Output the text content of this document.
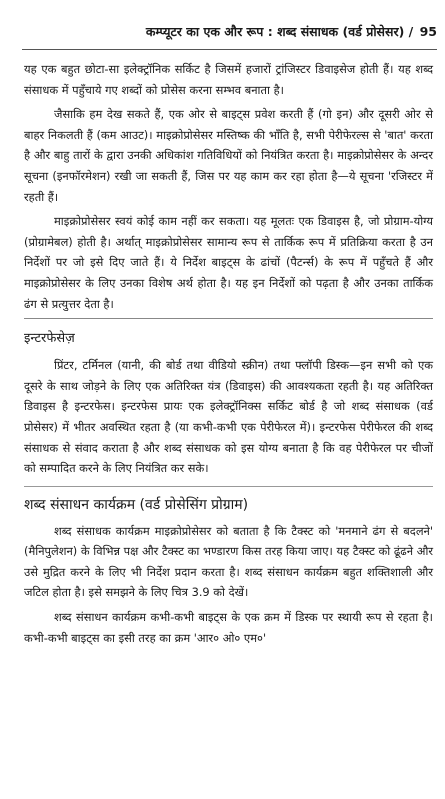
कम्प्यूटर का एक और रूप : शब्द संसाधक (वर्ड प्रोसेसर) / 95

यह एक बहुत छोटा-सा इलेक्ट्रॉनिक सर्किट है जिसमें हजारों ट्रांजिस्टर डिवाइसेज होती हैं। यह शब्द संसाधक में पहुँचाये गए शब्दों को प्रोसेस करना सम्भव बनाता है।

जैसाकि हम देख सकते हैं, एक ओर से बाइट्स प्रवेश करती हैं (गो इन) और दूसरी ओर से बाहर निकलती हैं (कम आउट)। माइक्रोप्रोसेसर मस्तिष्क की भाँति है, सभी पेरीफेरल्स से 'बात' करता है और बाहु तारों के द्वारा उनकी अधिकांश गतिविधियों को नियंत्रित करता है। माइक्रोप्रोसेसर के अन्दर सूचना (इनफॉरमेशन) रखी जा सकती हैं, जिस पर यह काम कर रहा होता है—ये सूचना 'रजिस्टर में रहती हैं।

माइक्रोप्रोसेसर स्वयं कोई काम नहीं कर सकता। यह मूलतः एक डिवाइस है, जो प्रोग्राम-योग्य (प्रोग्रामेबल) होती है। अर्थात् माइक्रोप्रोसेसर सामान्य रूप से तार्किक रूप में प्रतिक्रिया करता है उन निर्देशों पर जो इसे दिए जाते हैं। ये निर्देश बाइट्स के ढांचों (पैटर्न्स) के रूप में पहुँचते हैं और माइक्रोप्रोसेसर के लिए उनका विशेष अर्थ होता है। यह इन निर्देशों को पढ़ता है और उनका तार्किक ढंग से प्रत्युत्तर देता है।

इन्टरफेसेज़

प्रिंटर, टर्मिनल (यानी, की बोर्ड तथा वीडियो स्क्रीन) तथा फ्लॉपी डिस्क—इन सभी को एक दूसरे के साथ जोड़ने के लिए एक अतिरिक्त यंत्र (डिवाइस) की आवश्यकता रहती है। यह अतिरिक्त डिवाइस है इन्टरफेस। इन्टरफेस प्रायः एक इलेक्ट्रॉनिक्स सर्किट बोर्ड है जो शब्द संसाधक (वर्ड प्रोसेसर) में भीतर अवस्थित रहता है (या कभी-कभी एक पेरीफेरल में)। इन्टरफेस पेरीफेरल की शब्द संसाधक से संवाद कराता है और शब्द संसाधक को इस योग्य बनाता है कि वह पेरीफेरल पर चीजों को सम्पादित करने के लिए नियंत्रित कर सके।

शब्द संसाधन कार्यक्रम (वर्ड प्रोसेसिंग प्रोग्राम)

शब्द संसाधक कार्यक्रम माइक्रोप्रोसेसर को बताता है कि टैक्स्ट को 'मनमाने ढंग से बदलने' (मैनिपुलेशन) के विभिन्न पक्ष और टैक्स्ट का भण्डारण किस तरह किया जाए। यह टैक्स्ट को ढूंढने और उसे मुद्रित करने के लिए भी निर्देश प्रदान करता है। शब्द संसाधन कार्यक्रम बहुत शक्तिशाली और जटिल होता है। इसे समझने के लिए चित्र 3.9 को देखें।

शब्द संसाधन कार्यक्रम कभी-कभी बाइट्स के एक क्रम में डिस्क पर स्थायी रूप से रहता है। कभी-कभी बाइट्स का इसी तरह का क्रम 'आर० ओ० एम०'
